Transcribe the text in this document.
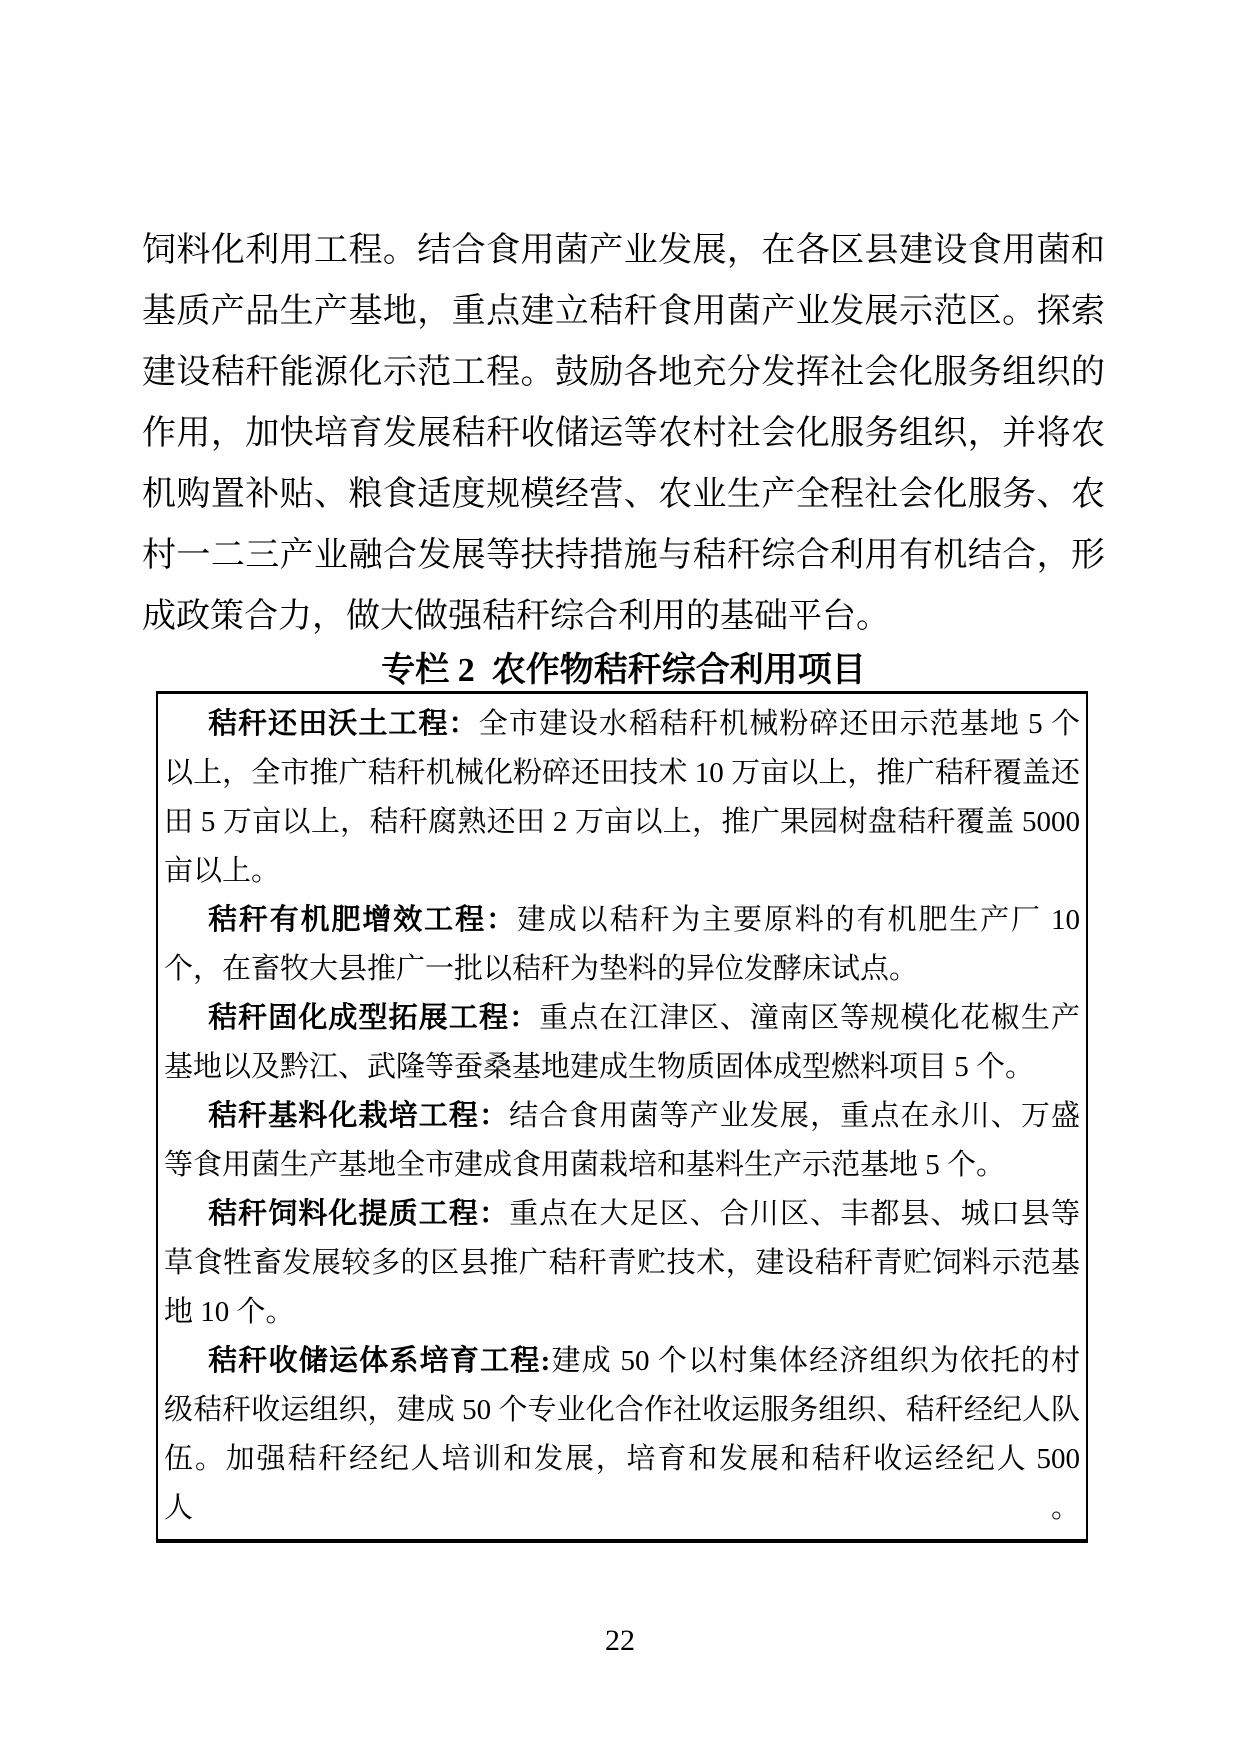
饲料化利用工程。结合食用菌产业发展，在各区县建设食用菌和
基质产品生产基地，重点建立秸秆食用菌产业发展示范区。探索
建设秸秆能源化示范工程。鼓励各地充分发挥社会化服务组织的
作用，加快培育发展秸秆收储运等农村社会化服务组织，并将农
机购置补贴、粮食适度规模经营、农业生产全程社会化服务、农
村一二三产业融合发展等扶持措施与秸秆综合利用有机结合，形
成政策合力，做大做强秸秆综合利用的基础平台。
专栏 2  农作物秸秆综合利用项目
秸秆还田沃土工程：全市建设水稻秸秆机械粉碎还田示范基地 5 个
以上，全市推广秸秆机械化粉碎还田技术 10 万亩以上，推广秸秆覆盖还
田 5 万亩以上，秸秆腐熟还田 2 万亩以上，推广果园树盘秸秆覆盖 5000
亩以上。
秸秆有机肥增效工程：建成以秸秆为主要原料的有机肥生产厂 10
个，在畜牧大县推广一批以秸秆为垫料的异位发酵床试点。
秸秆固化成型拓展工程：重点在江津区、潼南区等规模化花椒生产
基地以及黔江、武隆等蚕桑基地建成生物质固体成型燃料项目 5 个。
秸秆基料化栽培工程：结合食用菌等产业发展，重点在永川、万盛
等食用菌生产基地全市建成食用菌栽培和基料生产示范基地 5 个。
秸秆饲料化提质工程：重点在大足区、合川区、丰都县、城口县等
草食牲畜发展较多的区县推广秸秆青贮技术，建设秸秆青贮饲料示范基
地 10 个。
秸秆收储运体系培育工程:建成 50 个以村集体经济组织为依托的村
级秸秆收运组织，建成 50 个专业化合作社收运服务组织、秸秆经纪人队
伍。加强秸秆经纪人培训和发展，培育和发展和秸秆收运经纪人 500 人。
22
